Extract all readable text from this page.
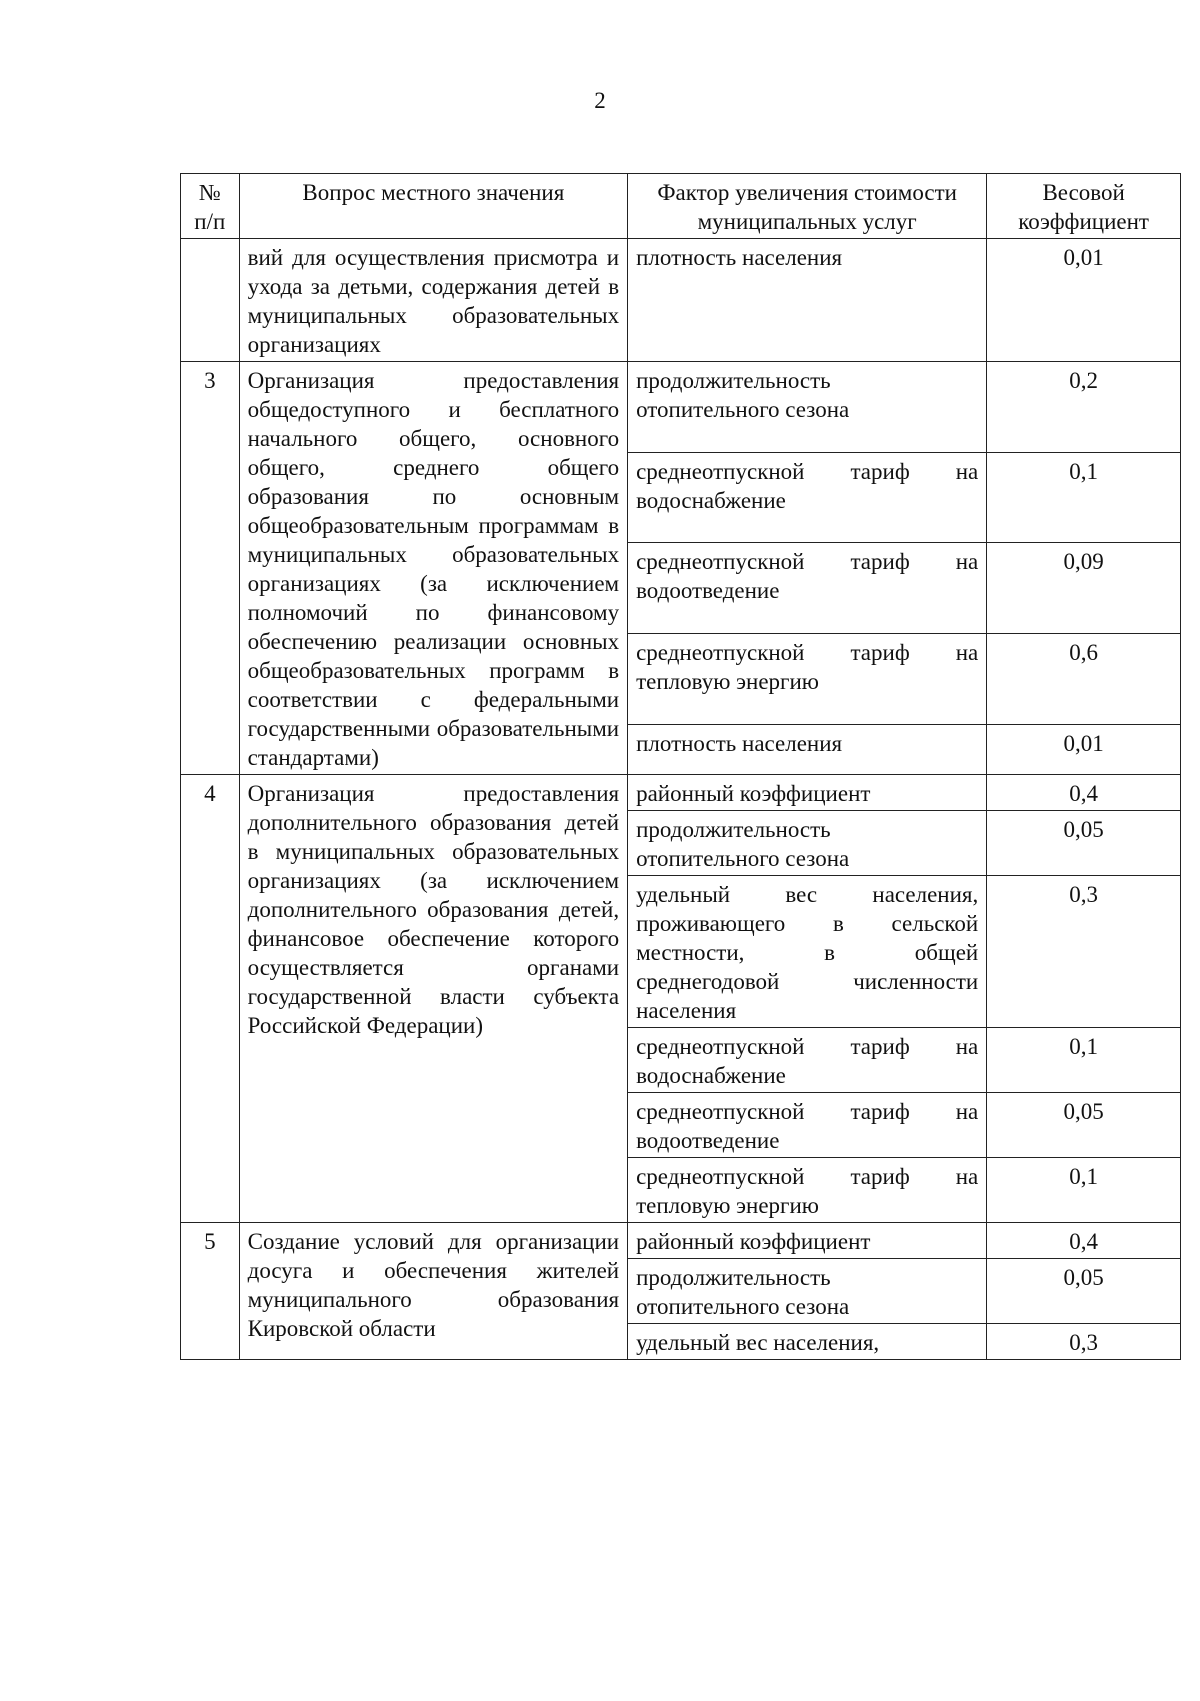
2
№ п/п	Вопрос местного значения	Фактор увеличения стоимости муниципальных услуг	Весовой коэффициент
	вий для осуществления присмотра и ухода за детьми, содержания детей в муниципальных образовательных организациях	плотность населения	0,01
3	Организация предоставления общедоступного и бесплатного начального общего, основного общего, среднего общего образования по основным общеобразовательным программам в муниципальных образовательных организациях (за исключением полномочий по финансовому обеспечению реализации основных общеобразовательных программ в соответствии с федеральными государственными образовательными стандартами)	продолжительность отопительного сезона	0,2
		среднеотпускной тариф на водоснабжение	0,1
		среднеотпускной тариф на водоотведение	0,09
		среднеотпускной тариф на тепловую энергию	0,6
		плотность населения	0,01
4	Организация предоставления дополнительного образования детей в муниципальных образовательных организациях (за исключением дополнительного образования детей, финансовое обеспечение которого осуществляется органами государственной власти субъекта Российской Федерации)	районный коэффициент	0,4
		продолжительность отопительного сезона	0,05
		удельный вес населения, проживающего в сельской местности, в общей среднегодовой численности населения	0,3
		среднеотпускной тариф на водоснабжение	0,1
		среднеотпускной тариф на водоотведение	0,05
		среднеотпускной тариф на тепловую энергию	0,1
5	Создание условий для организации досуга и обеспечения жителей муниципального образования Кировской области	районный коэффициент	0,4
		продолжительность отопительного сезона	0,05
		удельный вес населения,	0,3
